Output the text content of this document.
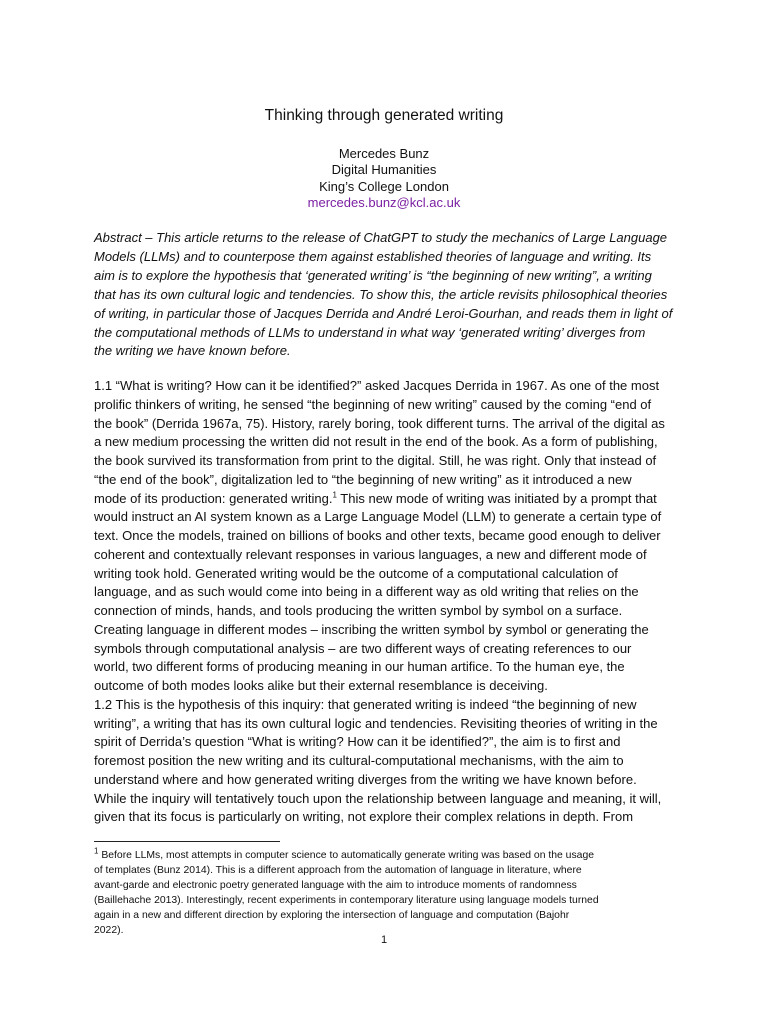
Thinking through generated writing
Mercedes Bunz
Digital Humanities
King’s College London
mercedes.bunz@kcl.ac.uk
Abstract – This article returns to the release of ChatGPT to study the mechanics of Large Language
Models (LLMs) and to counterpose them against established theories of language and writing. Its
aim is to explore the hypothesis that ‘generated writing’ is “the beginning of new writing”, a writing
that has its own cultural logic and tendencies. To show this, the article revisits philosophical theories
of writing, in particular those of Jacques Derrida and André Leroi-Gourhan, and reads them in light of
the computational methods of LLMs to understand in what way ‘generated writing’ diverges from
the writing we have known before.
1.1 “What is writing? How can it be identified?” asked Jacques Derrida in 1967. As one of the most
prolific thinkers of writing, he sensed “the beginning of new writing” caused by the coming “end of
the book” (Derrida 1967a, 75). History, rarely boring, took different turns. The arrival of the digital as
a new medium processing the written did not result in the end of the book. As a form of publishing,
the book survived its transformation from print to the digital. Still, he was right. Only that instead of
“the end of the book”, digitalization led to “the beginning of new writing” as it introduced a new
mode of its production: generated writing.$^1$ This new mode of writing was initiated by a prompt that
would instruct an AI system known as a Large Language Model (LLM) to generate a certain type of
text. Once the models, trained on billions of books and other texts, became good enough to deliver
coherent and contextually relevant responses in various languages, a new and different mode of
writing took hold. Generated writing would be the outcome of a computational calculation of
language, and as such would come into being in a different way as old writing that relies on the
connection of minds, hands, and tools producing the written symbol by symbol on a surface.
Creating language in different modes – inscribing the written symbol by symbol or generating the
symbols through computational analysis – are two different ways of creating references to our
world, two different forms of producing meaning in our human artifice. To the human eye, the
outcome of both modes looks alike but their external resemblance is deceiving.
1.2 This is the hypothesis of this inquiry: that generated writing is indeed “the beginning of new
writing”, a writing that has its own cultural logic and tendencies. Revisiting theories of writing in the
spirit of Derrida’s question “What is writing? How can it be identified?”, the aim is to first and
foremost position the new writing and its cultural-computational mechanisms, with the aim to
understand where and how generated writing diverges from the writing we have known before.
While the inquiry will tentatively touch upon the relationship between language and meaning, it will,
given that its focus is particularly on writing, not explore their complex relations in depth. From
$^1$ Before LLMs, most attempts in computer science to automatically generate writing was based on the usage
of templates (Bunz 2014). This is a different approach from the automation of language in literature, where
avant-garde and electronic poetry generated language with the aim to introduce moments of randomness
(Baillehache 2013). Interestingly, recent experiments in contemporary literature using language models turned
again in a new and different direction by exploring the intersection of language and computation (Bajohr
2022).
1
